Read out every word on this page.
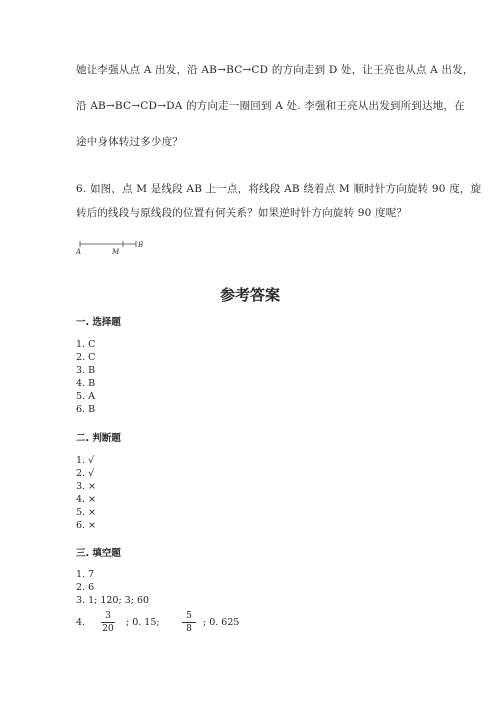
她让李强从点 A 出发，沿 AB→BC→CD 的方向走到 D 处，让王亮也从点 A 出发，
沿 AB→BC→CD→DA 的方向走一圈回到 A 处. 李强和王亮从出发到所到达地，在
途中身体转过多少度？
6. 如图，点 M 是线段 AB 上一点，将线段 AB 绕着点 M 顺时针方向旋转 90 度，旋
转后的线段与原线段的位置有何关系？如果逆时针方向旋转 90 度呢？
A	M
B
参考答案
一. 选择题
1. C
2. C
3. B
4. B
5. A
6. B
二. 判断题
1. √
2. √
3. ×
4. ×
5. ×
6. ×
三. 填空题
1. 7
2. 6
3. 1; 120; 3; 60
4.
3
20
; 0. 15;
5
8
; 0. 625
